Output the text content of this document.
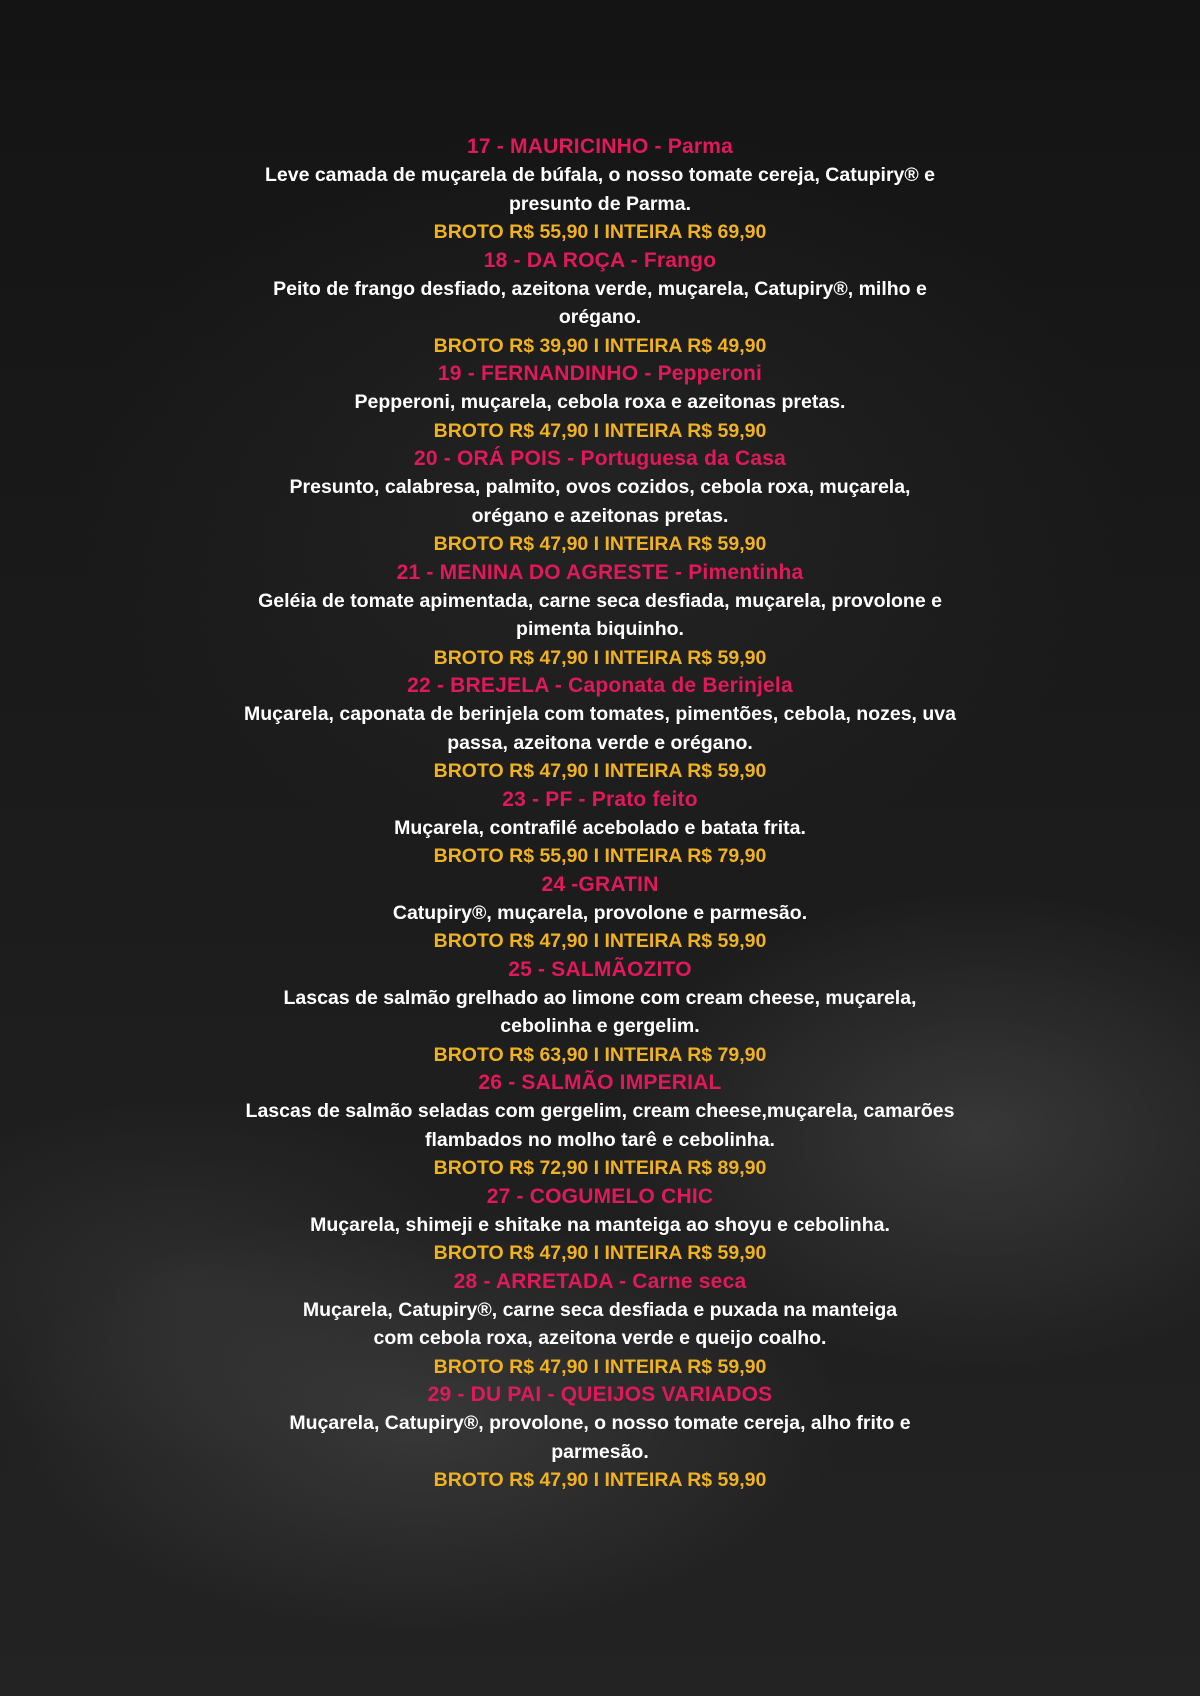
17 - MAURICINHO - Parma

Leve camada de muçarela de búfala, o nosso tomate cereja, Catupiry® e

presunto de Parma.

BROTO R$ 55,90 I INTEIRA R$ 69,90

18 - DA ROÇA - Frango

Peito de frango desfiado, azeitona verde, muçarela, Catupiry®, milho e

orégano.

BROTO R$ 39,90 I INTEIRA R$ 49,90

19 - FERNANDINHO - Pepperoni

Pepperoni, muçarela, cebola roxa e azeitonas pretas.

BROTO R$ 47,90 I INTEIRA R$ 59,90

20 - ORÁ POIS - Portuguesa da Casa

Presunto, calabresa, palmito, ovos cozidos, cebola roxa, muçarela,

orégano e azeitonas pretas.

BROTO R$ 47,90 I INTEIRA R$ 59,90

21 - MENINA DO AGRESTE - Pimentinha

Geléia de tomate apimentada, carne seca desfiada, muçarela, provolone e

pimenta biquinho.

BROTO R$ 47,90 I INTEIRA R$ 59,90

22 - BREJELA - Caponata de Berinjela

Muçarela, caponata de berinjela com tomates, pimentões, cebola, nozes, uva

passa, azeitona verde e orégano.

BROTO R$ 47,90 I INTEIRA R$ 59,90

23 - PF - Prato feito

Muçarela, contrafilé acebolado e batata frita.

BROTO R$ 55,90 I INTEIRA R$ 79,90

24 -GRATIN

Catupiry®, muçarela, provolone e parmesão.

BROTO R$ 47,90 I INTEIRA R$ 59,90

25 - SALMÃOZITO

Lascas de salmão grelhado ao limone com cream cheese, muçarela,

cebolinha e gergelim.

BROTO R$ 63,90 I INTEIRA R$ 79,90

26 - SALMÃO IMPERIAL

Lascas de salmão seladas com gergelim, cream cheese,muçarela, camarões

flambados no molho tarê e cebolinha.

BROTO R$ 72,90 I INTEIRA R$ 89,90

27 - COGUMELO CHIC

Muçarela, shimeji e shitake na manteiga ao shoyu e cebolinha.

BROTO R$ 47,90 I INTEIRA R$ 59,90

28 - ARRETADA - Carne seca

Muçarela, Catupiry®, carne seca desfiada e puxada na manteiga

com cebola roxa, azeitona verde e queijo coalho.

BROTO R$ 47,90 I INTEIRA R$ 59,90

29 - DU PAI - QUEIJOS VARIADOS

Muçarela, Catupiry®, provolone, o nosso tomate cereja, alho frito e

parmesão.

BROTO R$ 47,90 I INTEIRA R$ 59,90
